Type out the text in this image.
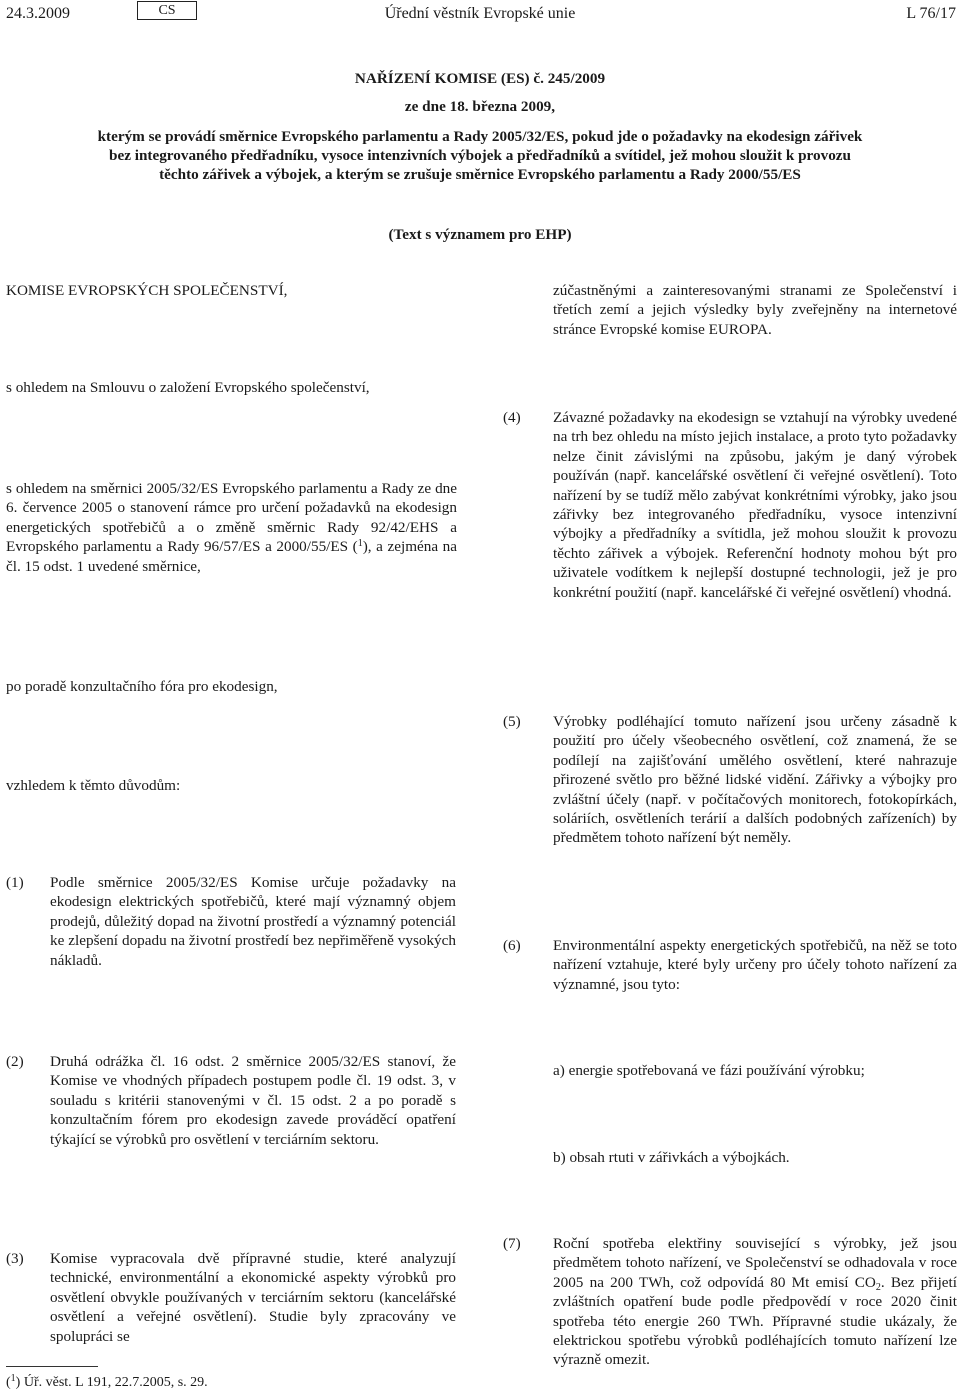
24.3.2009	CS	Úřední věstník Evropské unie	L 76/17
NAŘÍZENÍ KOMISE (ES) č. 245/2009
ze dne 18. března 2009,
kterým se provádí směrnice Evropského parlamentu a Rady 2005/32/ES, pokud jde o požadavky na ekodesign zářivek bez integrovaného předřadníku, vysoce intenzivních výbojek a předřadníků a svítidel, jež mohou sloužit k provozu těchto zářivek a výbojek, a kterým se zrušuje směrnice Evropského parlamentu a Rady 2000/55/ES
(Text s významem pro EHP)
KOMISE EVROPSKÝCH SPOLEČENSTVÍ,
s ohledem na Smlouvu o založení Evropského společenství,
s ohledem na směrnici 2005/32/ES Evropského parlamentu a Rady ze dne 6. července 2005 o stanovení rámce pro určení požadavků na ekodesign energetických spotřebičů a o změně směrnic Rady 92/42/EHS a Evropského parlamentu a Rady 96/57/ES a 2000/55/ES ($^1$), a zejména na čl. 15 odst. 1 uvedené směrnice,
po poradě konzultačního fóra pro ekodesign,
vzhledem k těmto důvodům:
(1)	Podle směrnice 2005/32/ES Komise určuje požadavky na ekodesign elektrických spotřebičů, které mají významný objem prodejů, důležitý dopad na životní prostředí a významný potenciál ke zlepšení dopadu na životní prostředí bez nepřiměřeně vysokých nákladů.
(2)	Druhá odrážka čl. 16 odst. 2 směrnice 2005/32/ES stanoví, že Komise ve vhodných případech postupem podle čl. 19 odst. 3, v souladu s kritérii stanovenými v čl. 15 odst. 2 a po poradě s konzultačním fórem pro ekodesign zavede prováděcí opatření týkající se výrobků pro osvětlení v terciárním sektoru.
(3)	Komise vypracovala dvě přípravné studie, které analyzují technické, environmentální a ekonomické aspekty výrobků pro osvětlení obvykle používaných v terciárním sektoru (kancelářské osvětlení a veřejné osvětlení). Studie byly zpracovány ve spolupráci se
zúčastněnými a zainteresovanými stranami ze Společenství i třetích zemí a jejich výsledky byly zveřejněny na internetové stránce Evropské komise EUROPA.
(4)	Závazné požadavky na ekodesign se vztahují na výrobky uvedené na trh bez ohledu na místo jejich instalace, a proto tyto požadavky nelze činit závislými na způsobu, jakým je daný výrobek používán (např. kancelářské osvětlení či veřejné osvětlení). Toto nařízení by se tudíž mělo zabývat konkrétními výrobky, jako jsou zářivky bez integrovaného předřadníku, vysoce intenzivní výbojky a předřadníky a svítidla, jež mohou sloužit k provozu těchto zářivek a výbojek. Referenční hodnoty mohou být pro uživatele vodítkem k nejlepší dostupné technologii, jež je pro konkrétní použití (např. kancelářské či veřejné osvětlení) vhodná.
(5)	Výrobky podléhající tomuto nařízení jsou určeny zásadně k použití pro účely všeobecného osvětlení, což znamená, že se podílejí na zajišťování umělého osvětlení, které nahrazuje přirozené světlo pro běžné lidské vidění. Zářivky a výbojky pro zvláštní účely (např. v počítačových monitorech, fotokopírkách, soláriích, osvětleních terárií a dalších podobných zařízeních) by předmětem tohoto nařízení být neměly.
(6)	Environmentální aspekty energetických spotřebičů, na něž se toto nařízení vztahuje, které byly určeny pro účely tohoto nařízení za významné, jsou tyto:
a) energie spotřebovaná ve fázi používání výrobku;
b) obsah rtuti v zářivkách a výbojkách.
(7)	Roční spotřeba elektřiny související s výrobky, jež jsou předmětem tohoto nařízení, ve Společenství se odhadovala v roce 2005 na 200 TWh, což odpovídá 80 Mt emisí $CO_2$. Bez přijetí zvláštních opatření bude podle předpovědí v roce 2020 činit spotřeba této energie 260 TWh. Přípravné studie ukázaly, že elektrickou spotřebu výrobků podléhajících tomuto nařízení lze výrazně omezit.
($^1$) Úř. věst. L 191, 22.7.2005, s. 29.
